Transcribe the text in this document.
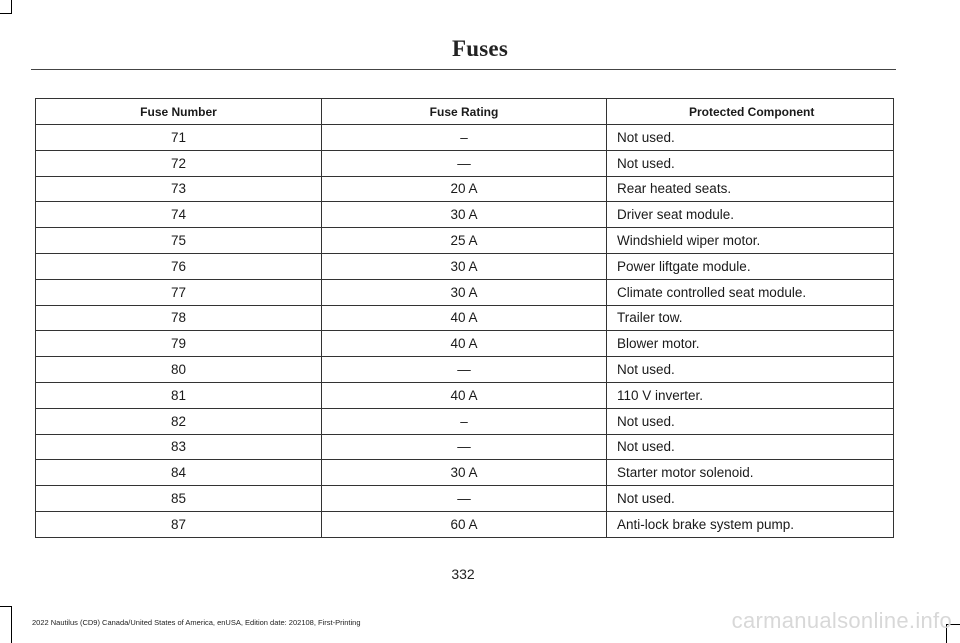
Fuses
Fuse Number	Fuse Rating	Protected Component
71	–	Not used.
72	—	Not used.
73	20 A	Rear heated seats.
74	30 A	Driver seat module.
75	25 A	Windshield wiper motor.
76	30 A	Power liftgate module.
77	30 A	Climate controlled seat module.
78	40 A	Trailer tow.
79	40 A	Blower motor.
80	—	Not used.
81	40 A	110 V inverter.
82	–	Not used.
83	—	Not used.
84	30 A	Starter motor solenoid.
85	—	Not used.
87	60 A	Anti-lock brake system pump.
332
2022 Nautilus (CD9) Canada/United States of America, enUSA, Edition date: 202108, First-Printing	carmanualsonline.info
